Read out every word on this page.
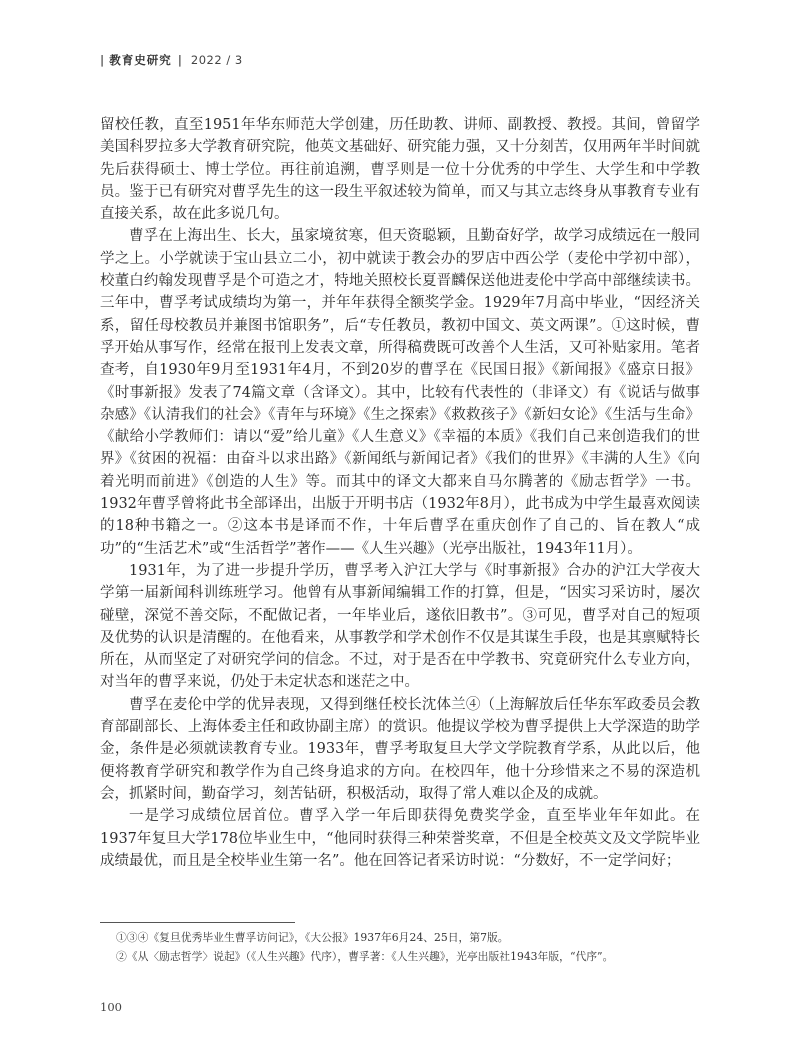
| 教育史研究 | 2022 / 3

留校任教，直至1951年华东师范大学创建，历任助教、讲师、副教授、教授。其间，曾留学美国科罗拉多大学教育研究院，他英文基础好、研究能力强，又十分刻苦，仅用两年半时间就先后获得硕士、博士学位。再往前追溯，曹孚则是一位十分优秀的中学生、大学生和中学教员。鉴于已有研究对曹孚先生的这一段生平叙述较为简单，而又与其立志终身从事教育专业有直接关系，故在此多说几句。

曹孚在上海出生、长大，虽家境贫寒，但天资聪颖，且勤奋好学，故学习成绩远在一般同学之上。小学就读于宝山县立二小，初中就读于教会办的罗店中西公学（麦伦中学初中部），校董白约翰发现曹孚是个可造之才，特地关照校长夏晋麟保送他进麦伦中学高中部继续读书。三年中，曹孚考试成绩均为第一，并年年获得全额奖学金。1929年7月高中毕业，“因经济关系，留任母校教员并兼图书馆职务”，后“专任教员，教初中国文、英文两课”。①这时候，曹孚开始从事写作，经常在报刊上发表文章，所得稿费既可改善个人生活，又可补贴家用。笔者查考，自1930年9月至1931年4月，不到20岁的曹孚在《民国日报》《新闻报》《盛京日报》《时事新报》发表了74篇文章（含译文）。其中，比较有代表性的（非译文）有《说话与做事杂感》《认清我们的社会》《青年与环境》《生之探索》《救救孩子》《新妇女论》《生活与生命》《献给小学教师们：请以“爱”给儿童》《人生意义》《幸福的本质》《我们自己来创造我们的世界》《贫困的祝福：由奋斗以求出路》《新闻纸与新闻记者》《我们的世界》《丰满的人生》《向着光明而前进》《创造的人生》等。而其中的译文大都来自马尔腾著的《励志哲学》一书。1932年曹孚曾将此书全部译出，出版于开明书店（1932年8月），此书成为中学生最喜欢阅读的18种书籍之一。②这本书是译而不作，十年后曹孚在重庆创作了自己的、旨在教人“成功”的“生活艺术”或“生活哲学”著作——《人生兴趣》（光亭出版社，1943年11月）。

1931年，为了进一步提升学历，曹孚考入沪江大学与《时事新报》合办的沪江大学夜大学第一届新闻科训练班学习。他曾有从事新闻编辑工作的打算，但是，“因实习采访时，屡次碰壁，深觉不善交际，不配做记者，一年毕业后，遂依旧教书”。③可见，曹孚对自己的短项及优势的认识是清醒的。在他看来，从事教学和学术创作不仅是其谋生手段，也是其禀赋特长所在，从而坚定了对研究学问的信念。不过，对于是否在中学教书、究竟研究什么专业方向，对当年的曹孚来说，仍处于未定状态和迷茫之中。

曹孚在麦伦中学的优异表现，又得到继任校长沈体兰④（上海解放后任华东军政委员会教育部副部长、上海体委主任和政协副主席）的赏识。他提议学校为曹孚提供上大学深造的助学金，条件是必须就读教育专业。1933年，曹孚考取复旦大学文学院教育学系，从此以后，他便将教育学研究和教学作为自己终身追求的方向。在校四年，他十分珍惜来之不易的深造机会，抓紧时间，勤奋学习，刻苦钻研，积极活动，取得了常人难以企及的成就。

一是学习成绩位居首位。曹孚入学一年后即获得免费奖学金，直至毕业年年如此。在1937年复旦大学178位毕业生中，“他同时获得三种荣誉奖章，不但是全校英文及文学院毕业成绩最优，而且是全校毕业生第一名”。他在回答记者采访时说：“分数好，不一定学问好；

①③④《复旦优秀毕业生曹孚访问记》，《大公报》1937年6月24、25日，第7版。
②《从〈励志哲学〉说起》（《人生兴趣》代序），曹孚著：《人生兴趣》，光亭出版社1943年版，“代序”。
100
